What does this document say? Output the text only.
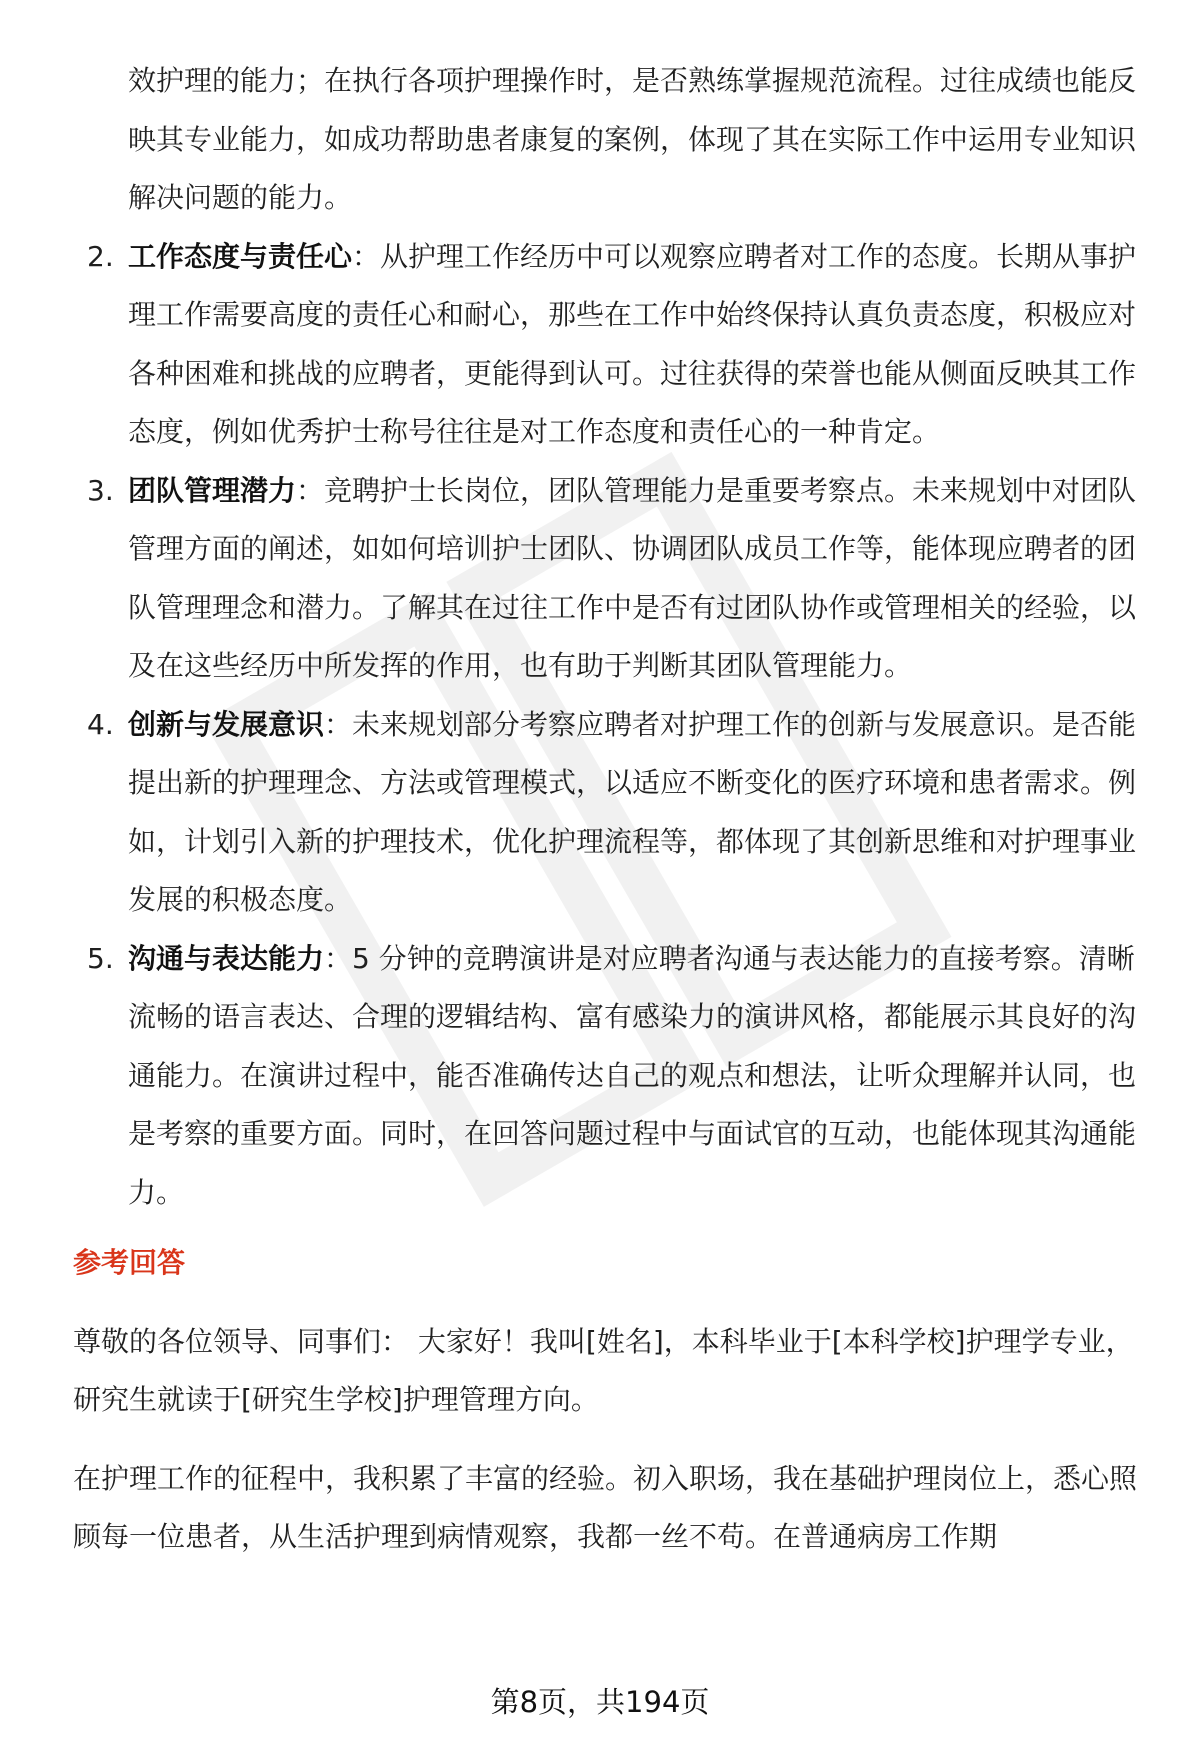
效护理的能力；在执行各项护理操作时，是否熟练掌握规范流程。过往成绩也能反映其专业能力，如成功帮助患者康复的案例，体现了其在实际工作中运用专业知识解决问题的能力。

2. 工作态度与责任心：从护理工作经历中可以观察应聘者对工作的态度。长期从事护理工作需要高度的责任心和耐心，那些在工作中始终保持认真负责态度，积极应对各种困难和挑战的应聘者，更能得到认可。过往获得的荣誉也能从侧面反映其工作态度，例如优秀护士称号往往是对工作态度和责任心的一种肯定。
3. 团队管理潜力：竞聘护士长岗位，团队管理能力是重要考察点。未来规划中对团队管理方面的阐述，如如何培训护士团队、协调团队成员工作等，能体现应聘者的团队管理理念和潜力。了解其在过往工作中是否有过团队协作或管理相关的经验，以及在这些经历中所发挥的作用，也有助于判断其团队管理能力。
4. 创新与发展意识：未来规划部分考察应聘者对护理工作的创新与发展意识。是否能提出新的护理理念、方法或管理模式，以适应不断变化的医疗环境和患者需求。例如，计划引入新的护理技术，优化护理流程等，都体现了其创新思维和对护理事业发展的积极态度。
5. 沟通与表达能力：5 分钟的竞聘演讲是对应聘者沟通与表达能力的直接考察。清晰流畅的语言表达、合理的逻辑结构、富有感染力的演讲风格，都能展示其良好的沟通能力。在演讲过程中，能否准确传达自己的观点和想法，让听众理解并认同，也是考察的重要方面。同时，在回答问题过程中与面试官的互动，也能体现其沟通能力。
参考回答

尊敬的各位领导、同事们： 大家好！我叫[姓名]，本科毕业于[本科学校]护理学专业，研究生就读于[研究生学校]护理管理方向。

在护理工作的征程中，我积累了丰富的经验。初入职场，我在基础护理岗位上，悉心照顾每一位患者，从生活护理到病情观察，我都一丝不苟。在普通病房工作期

第8页，共194页
